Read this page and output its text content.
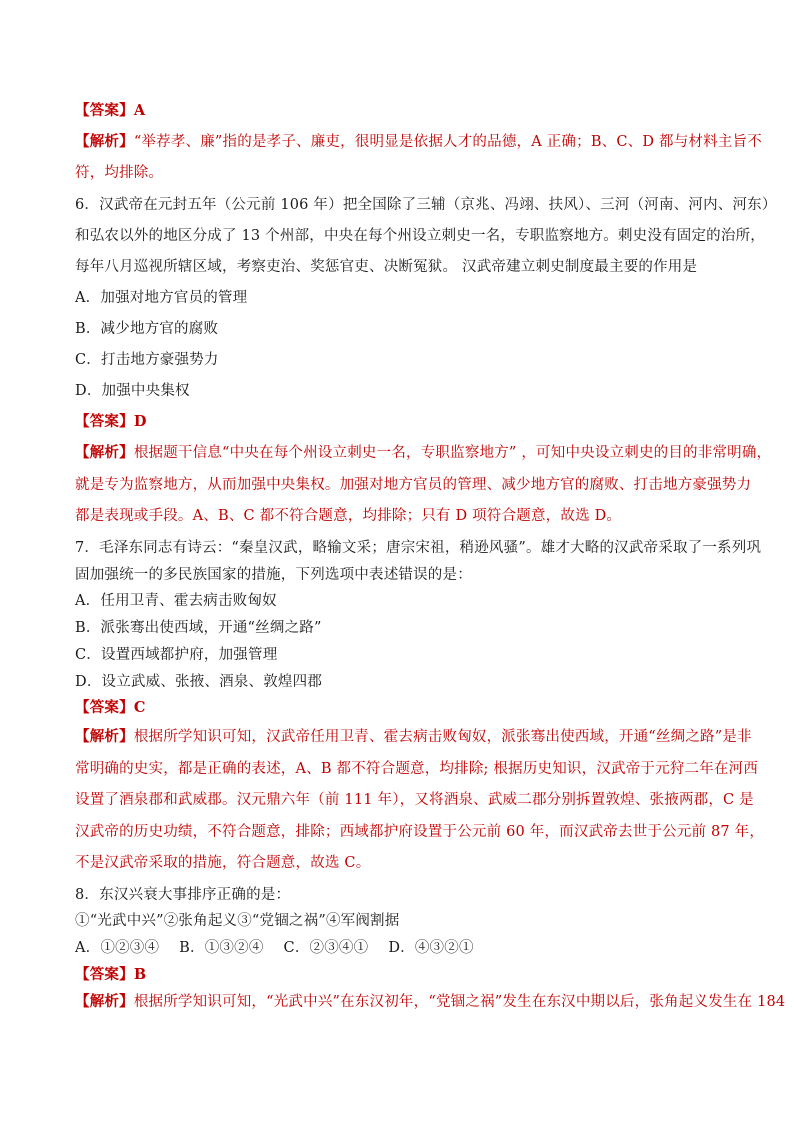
【答案】A
【解析】“举荐孝、廉”指的是孝子、廉吏，很明显是依据人才的品德，A 正确；B、C、D 都与材料主旨不
符，均排除。
6．汉武帝在元封五年（公元前 106 年）把全国除了三辅（京兆、冯翊、扶风）、三河（河南、河内、河东）
和弘农以外的地区分成了 13 个州部，中央在每个州设立刺史一名，专职监察地方。刺史没有固定的治所，
每年八月巡视所辖区域，考察吏治、奖惩官吏、决断冤狱。 汉武帝建立刺史制度最主要的作用是
A．加强对地方官员的管理
B．减少地方官的腐败
C．打击地方豪强势力
D．加强中央集权
【答案】D
【解析】根据题干信息“中央在每个州设立刺史一名，专职监察地方” ，可知中央设立刺史的目的非常明确，
就是专为监察地方，从而加强中央集权。加强对地方官员的管理、减少地方官的腐败、打击地方豪强势力
都是表现或手段。A、B、C 都不符合题意，均排除；只有 D 项符合题意，故选 D。
7．毛泽东同志有诗云：“秦皇汉武，略输文采；唐宗宋祖，稍逊风骚”。雄才大略的汉武帝采取了一系列巩
固加强统一的多民族国家的措施，下列选项中表述错误的是：
A．任用卫青、霍去病击败匈奴
B．派张骞出使西域，开通“丝绸之路”
C．设置西域都护府，加强管理
D．设立武威、张掖、酒泉、敦煌四郡
【答案】C
【解析】根据所学知识可知，汉武帝任用卫青、霍去病击败匈奴，派张骞出使西域，开通“丝绸之路”是非
常明确的史实，都是正确的表述，A、B 都不符合题意，均排除; 根据历史知识，汉武帝于元狩二年在河西
设置了酒泉郡和武威郡。汉元鼎六年（前 111 年），又将酒泉、武威二郡分别拆置敦煌、张掖两郡，C 是
汉武帝的历史功绩，不符合题意，排除；西域都护府设置于公元前 60 年，而汉武帝去世于公元前 87 年，
不是汉武帝采取的措施，符合题意，故选 C。
8．东汉兴衰大事排序正确的是：
①“光武中兴”②张角起义③“党锢之祸”④军阀割据
A．①②③④ B．①③②④ C．②③④① D．④③②①
【答案】B
【解析】根据所学知识可知，“光武中兴”在东汉初年，“党锢之祸”发生在东汉中期以后，张角起义发生在 184
